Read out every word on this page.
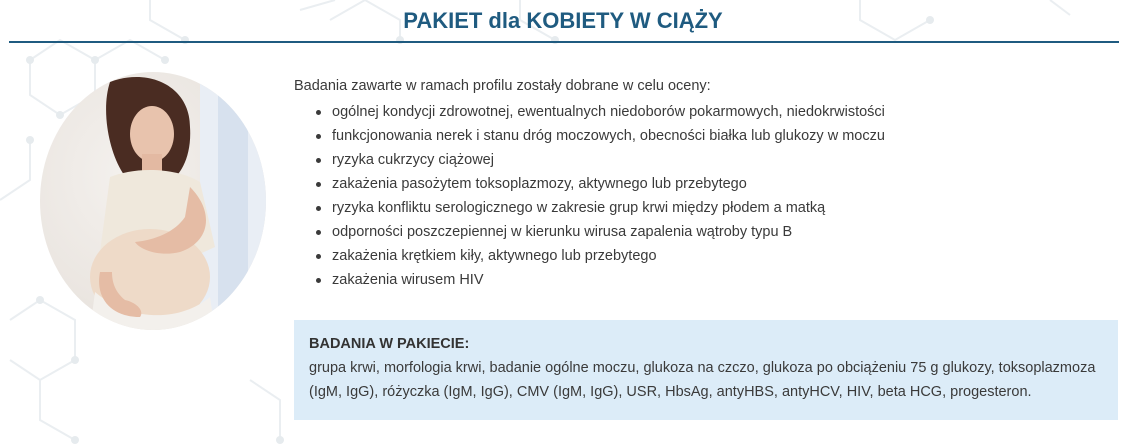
PAKIET dla KOBIETY W CIĄŻY

Badania zawarte w ramach profilu zostały dobrane w celu oceny:

ogólnej kondycji zdrowotnej, ewentualnych niedoborów pokarmowych, niedokrwistości
funkcjonowania nerek i stanu dróg moczowych, obecności białka lub glukozy w moczu
ryzyka cukrzycy ciążowej
zakażenia pasożytem toksoplazmozy, aktywnego lub przebytego
ryzyka konfliktu serologicznego w zakresie grup krwi między płodem a matką
odporności poszczepiennej w kierunku wirusa zapalenia wątroby typu B
zakażenia krętkiem kiły, aktywnego lub przebytego
zakażenia wirusem HIV
BADANIA W PAKIECIE:
grupa krwi, morfologia krwi, badanie ogólne moczu, glukoza na czczo, glukoza po obciążeniu 75 g glukozy, toksoplazmoza (IgM, IgG), różyczka (IgM, IgG), CMV (IgM, IgG), USR, HbsAg, antyHBS, antyHCV, HIV, beta HCG, progesteron.
